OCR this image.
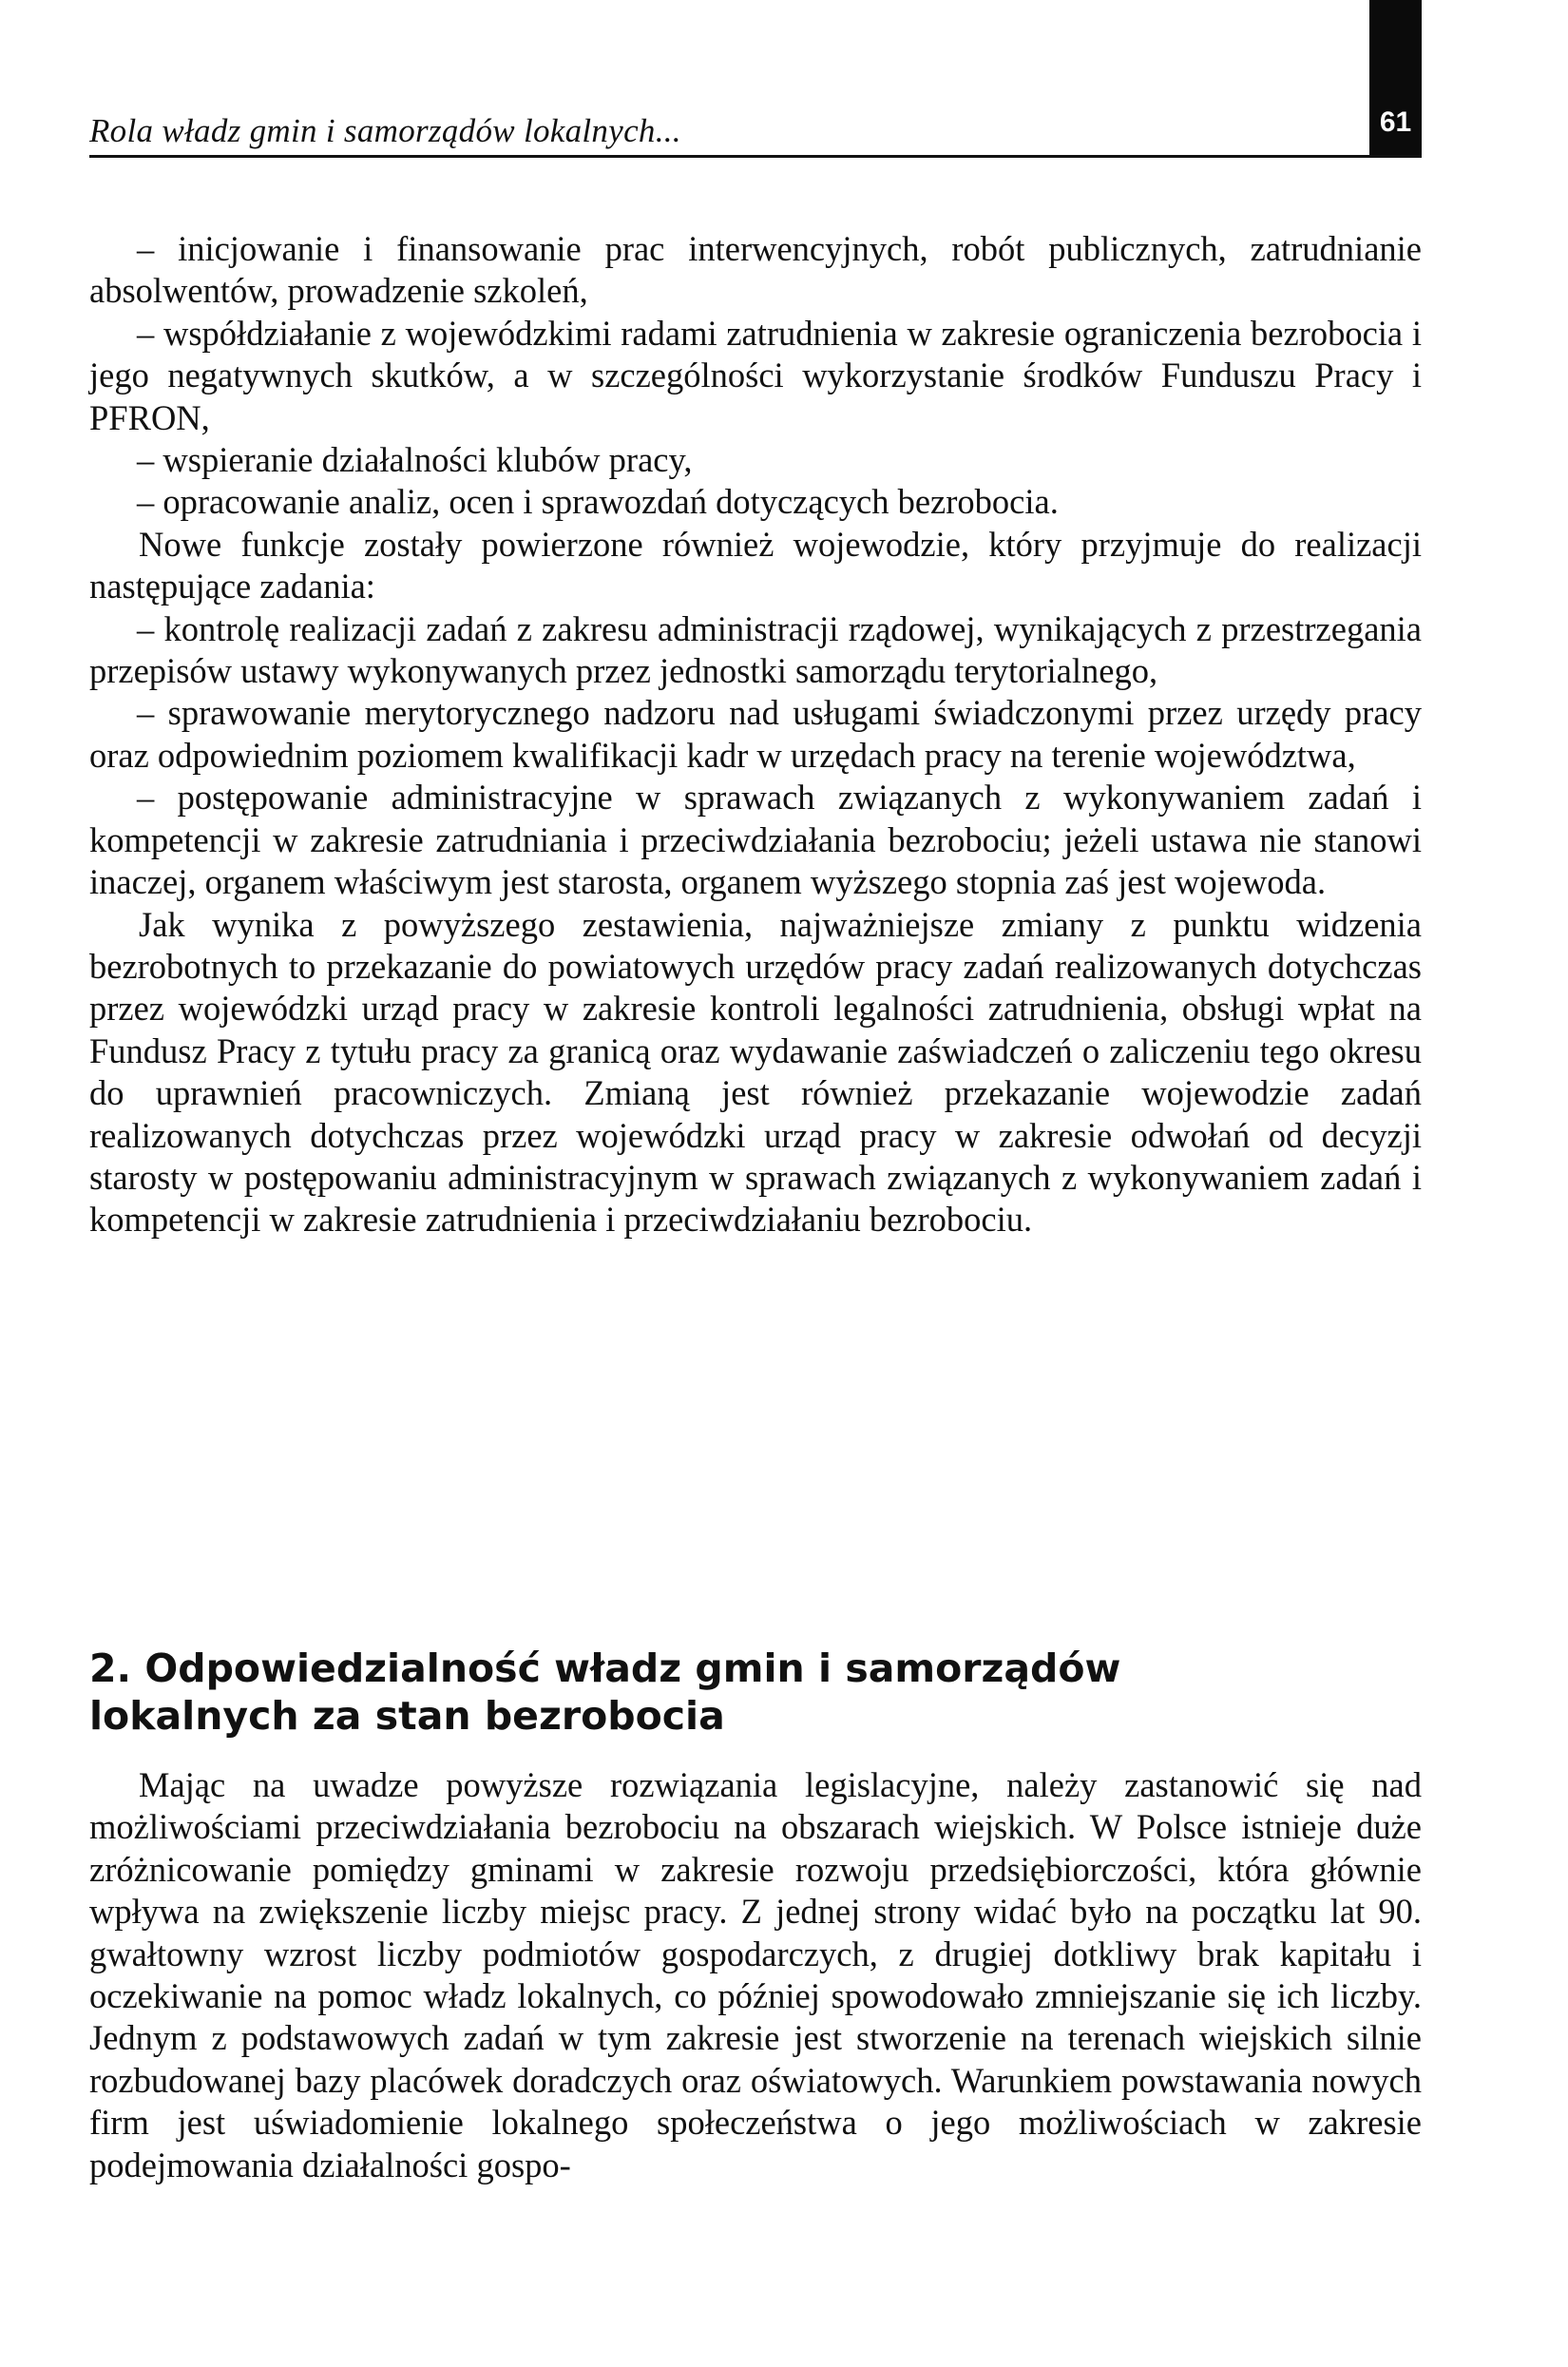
Rola władz gmin i samorządów lokalnych...	61

– inicjowanie i finansowanie prac interwencyjnych, robót publicznych, zatrudnianie absolwentów, prowadzenie szkoleń,

– współdziałanie z wojewódzkimi radami zatrudnienia w zakresie ograniczenia bezrobocia i jego negatywnych skutków, a w szczególności wykorzystanie środków Funduszu Pracy i PFRON,

– wspieranie działalności klubów pracy,

– opracowanie analiz, ocen i sprawozdań dotyczących bezrobocia.

Nowe funkcje zostały powierzone również wojewodzie, który przyjmuje do realizacji następujące zadania:

– kontrolę realizacji zadań z zakresu administracji rządowej, wynikających z przestrzegania przepisów ustawy wykonywanych przez jednostki samorządu terytorialnego,

– sprawowanie merytorycznego nadzoru nad usługami świadczonymi przez urzędy pracy oraz odpowiednim poziomem kwalifikacji kadr w urzędach pracy na terenie województwa,

– postępowanie administracyjne w sprawach związanych z wykonywaniem zadań i kompetencji w zakresie zatrudniania i przeciwdziałania bezrobociu; jeżeli ustawa nie stanowi inaczej, organem właściwym jest starosta, organem wyższego stopnia zaś jest wojewoda.

Jak wynika z powyższego zestawienia, najważniejsze zmiany z punktu widzenia bezrobotnych to przekazanie do powiatowych urzędów pracy zadań realizowanych dotychczas przez wojewódzki urząd pracy w zakresie kontroli legalności zatrudnienia, obsługi wpłat na Fundusz Pracy z tytułu pracy za granicą oraz wydawanie zaświadczeń o zaliczeniu tego okresu do uprawnień pracowniczych. Zmianą jest również przekazanie wojewodzie zadań realizowanych dotychczas przez wojewódzki urząd pracy w zakresie odwołań od decyzji starosty w postępowaniu administracyjnym w sprawach związanych z wykonywaniem zadań i kompetencji w zakresie zatrudnienia i przeciwdziałaniu bezrobociu.

2. Odpowiedzialność władz gmin i samorządów lokalnych za stan bezrobocia

Mając na uwadze powyższe rozwiązania legislacyjne, należy zastanowić się nad możliwościami przeciwdziałania bezrobociu na obszarach wiejskich. W Polsce istnieje duże zróżnicowanie pomiędzy gminami w zakresie rozwoju przedsiębiorczości, która głównie wpływa na zwiększenie liczby miejsc pracy. Z jednej strony widać było na początku lat 90. gwałtowny wzrost liczby podmiotów gospodarczych, z drugiej dotkliwy brak kapitału i oczekiwanie na pomoc władz lokalnych, co później spowodowało zmniejszanie się ich liczby. Jednym z podstawowych zadań w tym zakresie jest stworzenie na terenach wiejskich silnie rozbudowanej bazy placówek doradczych oraz oświatowych. Warunkiem powstawania nowych firm jest uświadomienie lokalnego społeczeństwa o jego możliwościach w zakresie podejmowania działalności gospo-
